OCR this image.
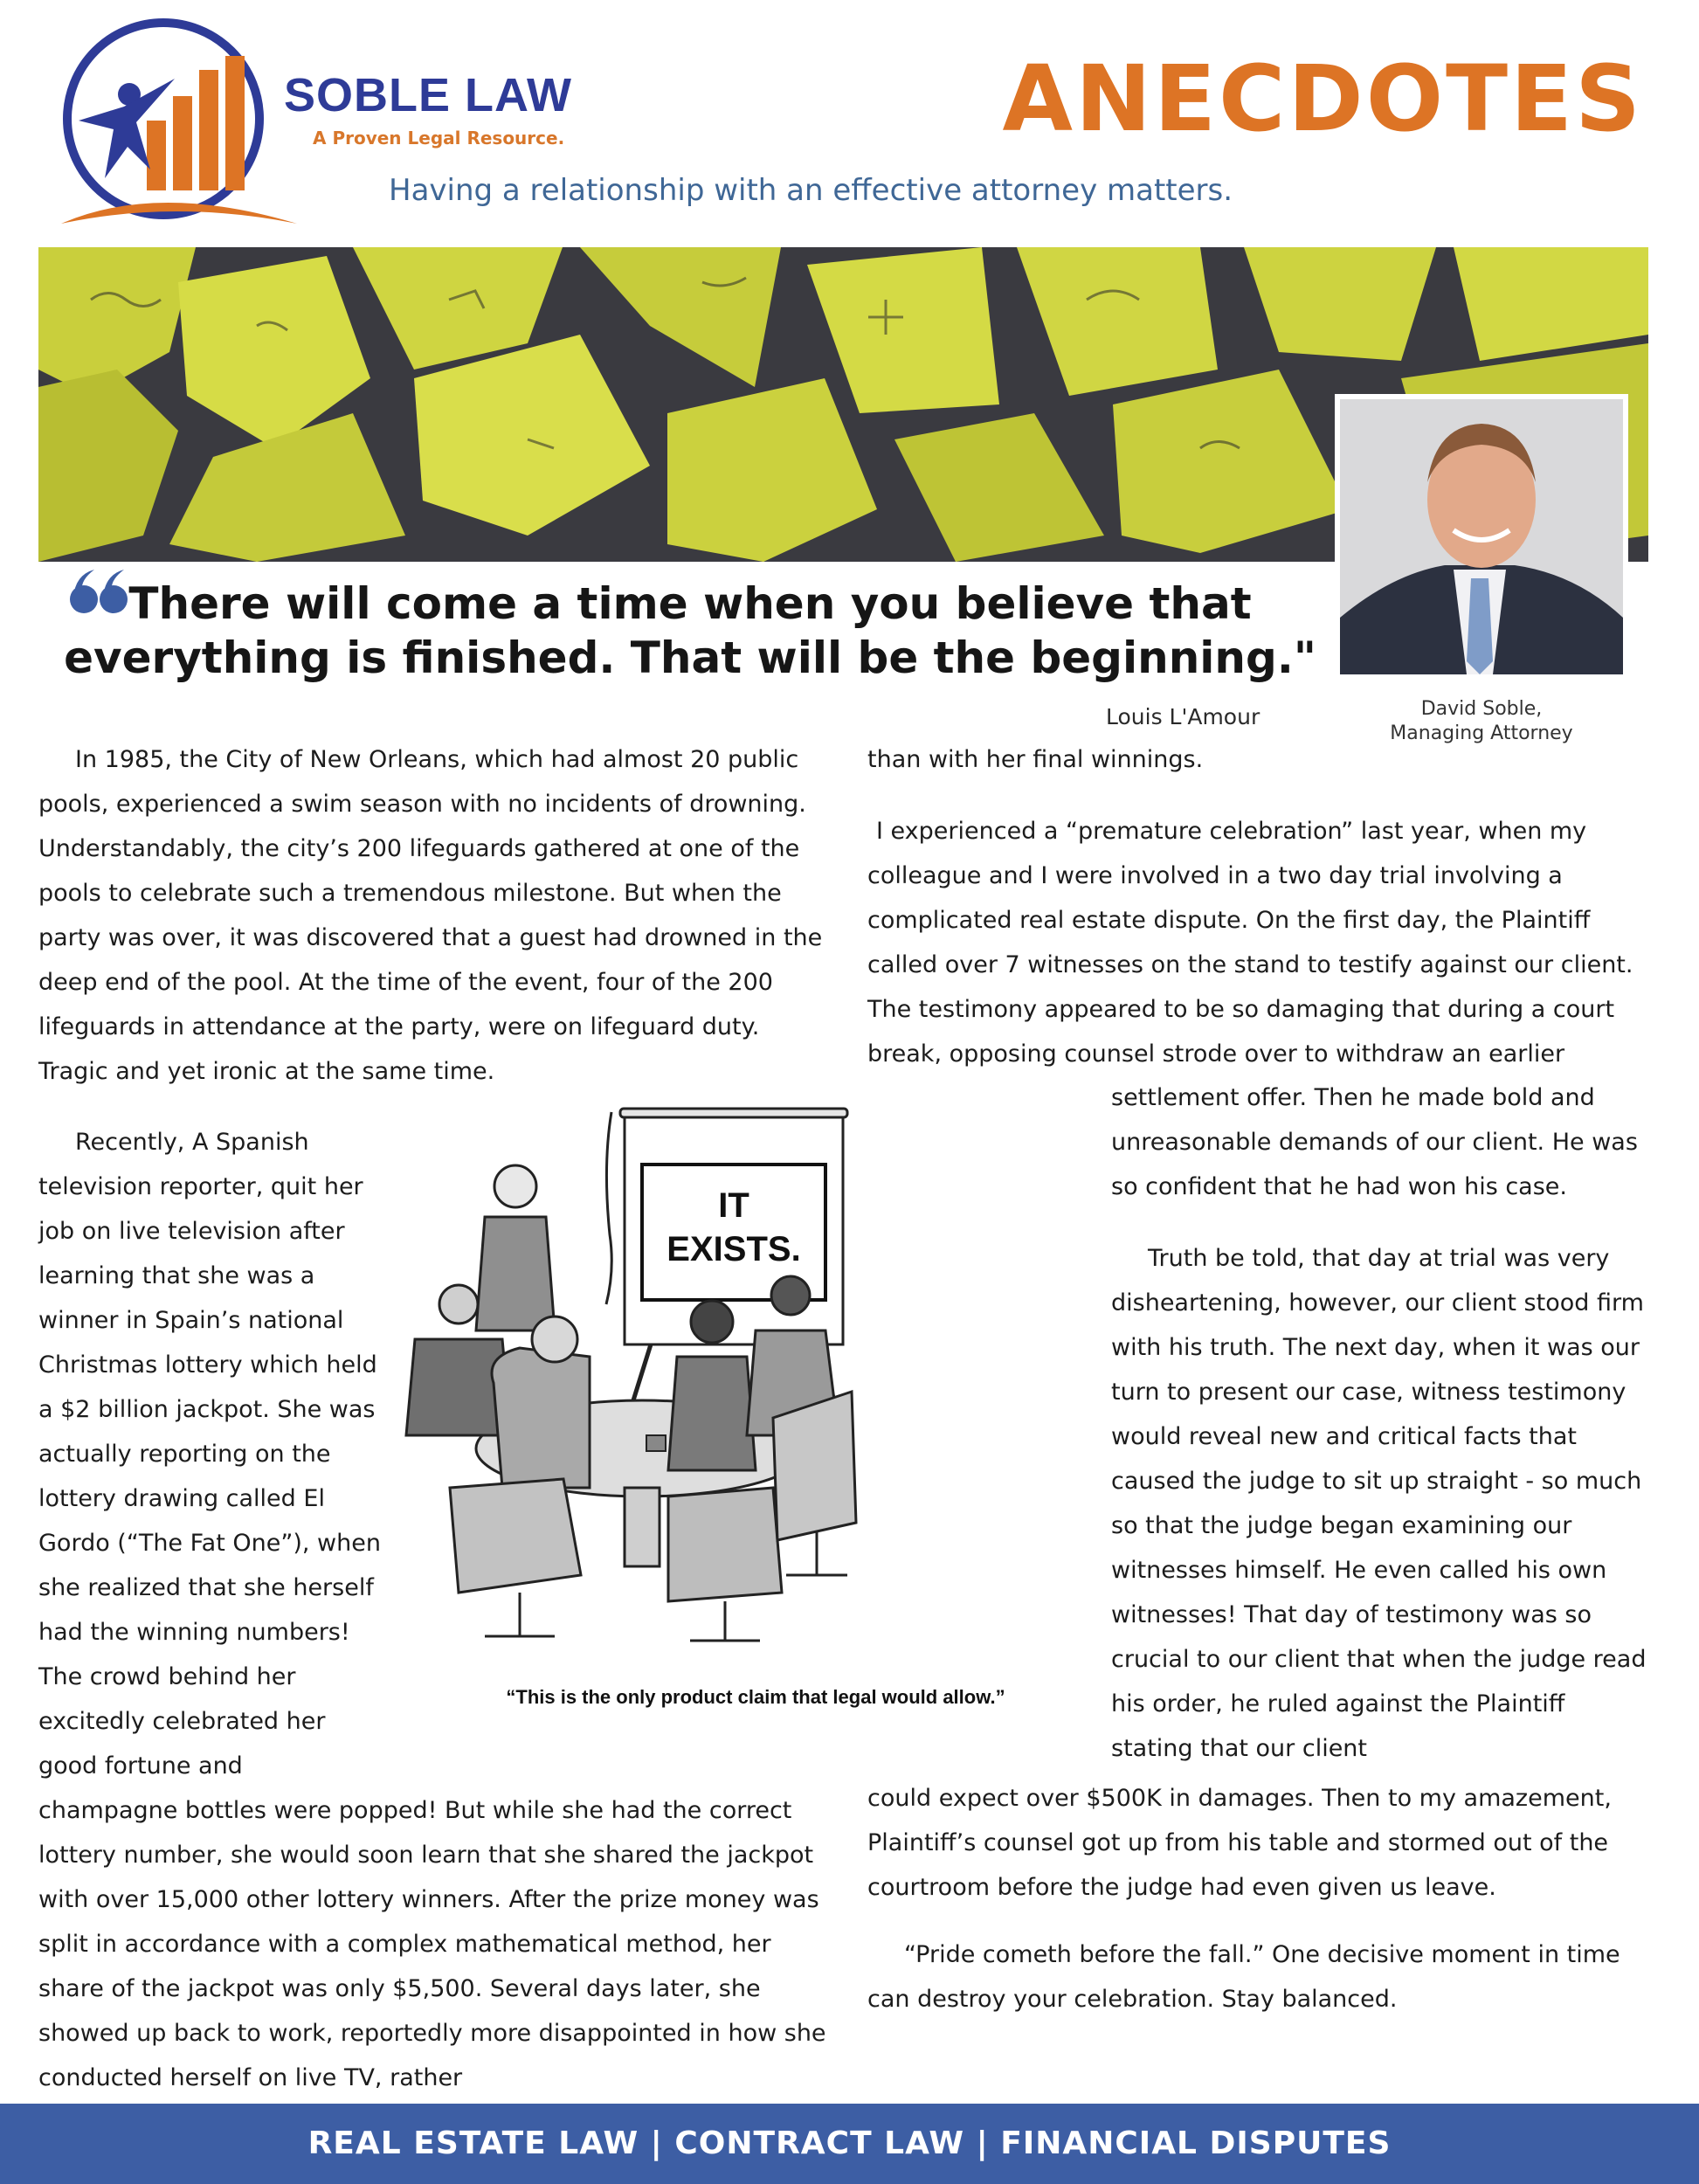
SOBLE LAW
A Proven Legal Resource.	ANECDOTES
Having a relationship with an effective attorney matters.
David Soble,
Managing Attorney
There will come a time when you believe that everything is finished. That will be the beginning."
Louis L'Amour
In 1985, the City of New Orleans, which had almost 20 public pools, experienced a swim season with no incidents of drowning. Understandably, the city’s 200 lifeguards gathered at one of the pools to celebrate such a tremendous milestone. But when the party was over, it was discovered that a guest had drowned in the deep end of the pool. At the time of the event, four of the 200 lifeguards in attendance at the party, were on lifeguard duty. Tragic and yet ironic at the same time.
Recently, A Spanish television reporter, quit her job on live television after learning that she was a winner in Spain’s national Christmas lottery which held a $2 billion jackpot. She was actually reporting on the lottery drawing called El Gordo (“The Fat One”), when she realized that she herself had the winning numbers! The crowd behind her excitedly celebrated her good fortune and
champagne bottles were popped! But while she had the correct lottery number, she would soon learn that she shared the jackpot with over 15,000 other lottery winners. After the prize money was split in accordance with a complex mathematical method, her share of the jackpot was only $5,500. Several days later, she showed up back to work, reportedly more disappointed in how she conducted herself on live TV, rather
than with her final winnings.
I experienced a “premature celebration” last year, when my colleague and I were involved in a two day trial involving a complicated real estate dispute. On the first day, the Plaintiff called over 7 witnesses on the stand to testify against our client. The testimony appeared to be so damaging that during a court break, opposing counsel strode over to withdraw an earlier
settlement offer. Then he made bold and unreasonable demands of our client. He was so confident that he had won his case.
Truth be told, that day at trial was very disheartening, however, our client stood firm with his truth. The next day, when it was our turn to present our case, witness testimony would reveal new and critical facts that caused the judge to sit up straight - so much so that the judge began examining our witnesses himself. He even called his own witnesses! That day of testimony was so crucial to our client that when the judge read his order, he ruled against the Plaintiff stating that our client
could expect over $500K in damages. Then to my amazement, Plaintiff’s counsel got up from his table and stormed out of the courtroom before the judge had even given us leave.
“Pride cometh before the fall.” One decisive moment in time can destroy your celebration. Stay balanced.
IT
EXISTS.
“This is the only product claim that legal would allow.”
REAL ESTATE LAW | CONTRACT LAW | FINANCIAL DISPUTES
